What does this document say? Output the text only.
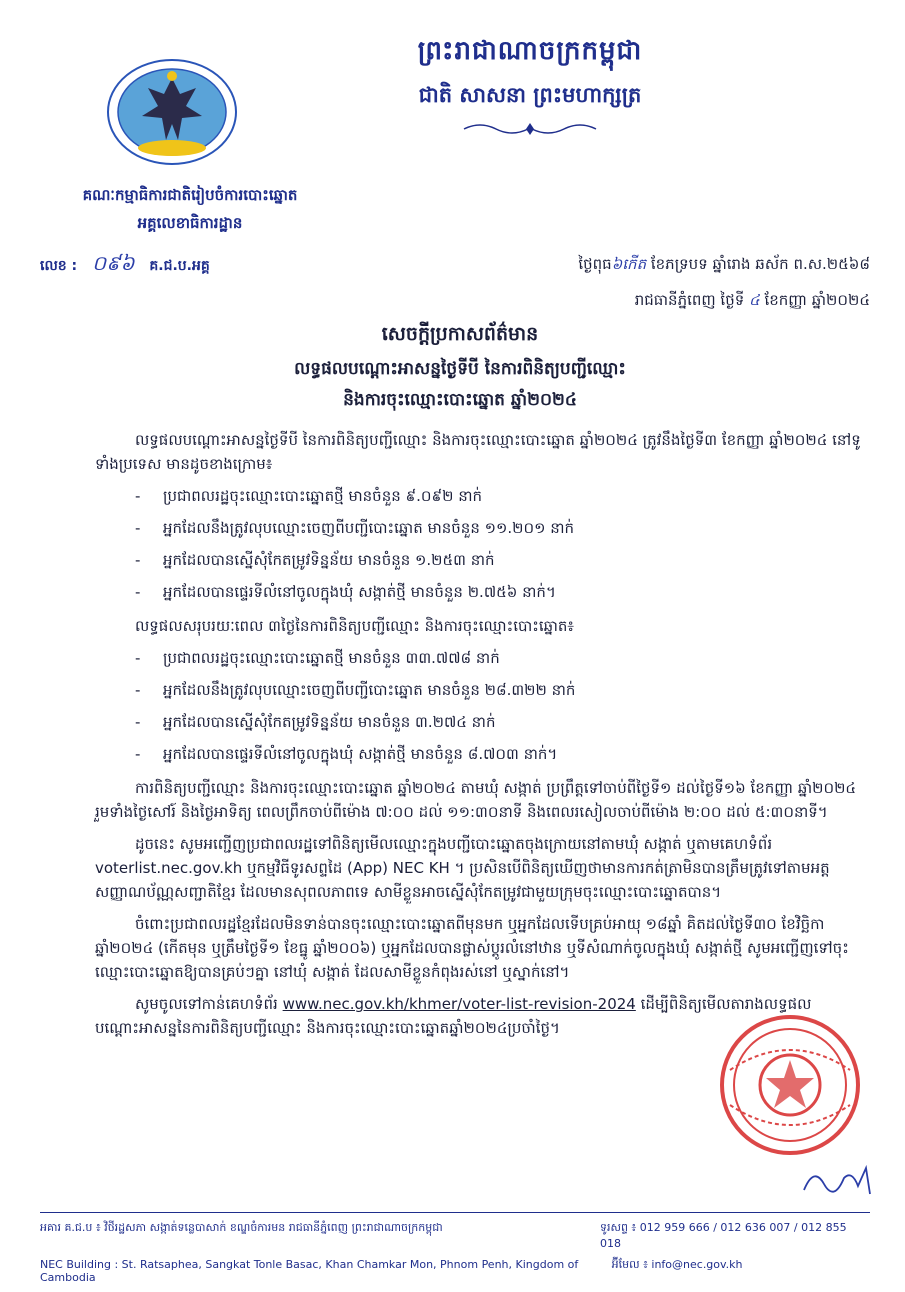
ព្រះរាជាណាចក្រកម្ពុជា
ជាតិ សាសនា ព្រះមហាក្សត្រ
គណៈកម្មាធិការជាតិរៀបចំការបោះឆ្នោត
អគ្គលេខាធិការដ្ឋាន
លេខ : ០៩៦ គ.ជ.ប.អគ្គ	ថ្ងៃពុធ៦កើត ខែភទ្របទ ឆ្នាំរោង ឆស័ក ព.ស.២៥៦៨
រាជធានីភ្នំពេញ ថ្ងៃទី ៤ ខែកញ្ញា ឆ្នាំ២០២៤
សេចក្ដីប្រកាសព័ត៌មាន
លទ្ធផលបណ្ដោះអាសន្នថ្ងៃទីបី នៃការពិនិត្យបញ្ជីឈ្មោះ
និងការចុះឈ្មោះបោះឆ្នោត ឆ្នាំ២០២៤

លទ្ធផលបណ្ដោះអាសន្នថ្ងៃទីបី នៃការពិនិត្យបញ្ជីឈ្មោះ និងការចុះឈ្មោះបោះឆ្នោត ឆ្នាំ២០២៤ ត្រូវនឹងថ្ងៃទី៣ ខែកញ្ញា ឆ្នាំ២០២៤ នៅទូទាំងប្រទេស មានដូចខាងក្រោម៖

- ប្រជាពលរដ្ឋចុះឈ្មោះបោះឆ្នោតថ្មី មានចំនួន ៩.០៩២ នាក់
- អ្នកដែលនឹងត្រូវលុបឈ្មោះចេញពីបញ្ជីបោះឆ្នោត មានចំនួន ១១.២០១ នាក់
- អ្នកដែលបានស្នើសុំកែតម្រូវទិន្នន័យ មានចំនួន ១.២៥៣ នាក់
- អ្នកដែលបានផ្ទេរទីលំនៅចូលក្នុងឃុំ សង្កាត់ថ្មី មានចំនួន ២.៧៥៦ នាក់។

លទ្ធផលសរុបរយៈពេល ៣ថ្ងៃនៃការពិនិត្យបញ្ជីឈ្មោះ និងការចុះឈ្មោះបោះឆ្នោត៖

- ប្រជាពលរដ្ឋចុះឈ្មោះបោះឆ្នោតថ្មី មានចំនួន ៣៣.៧៧៨ នាក់
- អ្នកដែលនឹងត្រូវលុបឈ្មោះចេញពីបញ្ជីបោះឆ្នោត មានចំនួន ២៨.៣២២ នាក់
- អ្នកដែលបានស្នើសុំកែតម្រូវទិន្នន័យ មានចំនួន ៣.២៧៤ នាក់
- អ្នកដែលបានផ្ទេរទីលំនៅចូលក្នុងឃុំ សង្កាត់ថ្មី មានចំនួន ៨.៧០៣ នាក់។

ការពិនិត្យបញ្ជីឈ្មោះ និងការចុះឈ្មោះបោះឆ្នោត ឆ្នាំ២០២៤ តាមឃុំ សង្កាត់ ប្រព្រឹត្តទៅចាប់ពីថ្ងៃទី១ ដល់ថ្ងៃទី១៦ ខែកញ្ញា ឆ្នាំ២០២៤ រួមទាំងថ្ងៃសៅរ៍ និងថ្ងៃអាទិត្យ ពេលព្រឹកចាប់ពីម៉ោង ៧:០០ ដល់ ១១:៣០នាទី និងពេលរសៀលចាប់ពីម៉ោង ២:០០ ដល់ ៥:៣០នាទី។

ដូចនេះ សូមអញ្ជើញប្រជាពលរដ្ឋទៅពិនិត្យមើលឈ្មោះក្នុងបញ្ជីបោះឆ្នោតចុងក្រោយនៅតាមឃុំ សង្កាត់ ឬតាមគេហទំព័រ voterlist.nec.gov.kh ឬកម្មវិធីទូរសព្ទដៃ (App) NEC KH ។ ប្រសិនបើពិនិត្យឃើញថាមានការកត់ត្រាមិនបានត្រឹមត្រូវទៅតាមអត្តសញ្ញាណប័ណ្ណសញ្ជាតិខ្មែរ ដែលមានសុពលភាពទេ សាមីខ្លួនអាចស្នើសុំកែតម្រូវជាមួយក្រុមចុះឈ្មោះបោះឆ្នោតបាន។

ចំពោះប្រជាពលរដ្ឋខ្មែរដែលមិនទាន់បានចុះឈ្មោះបោះឆ្នោតពីមុនមក ឬអ្នកដែលទើបគ្រប់អាយុ ១៨ឆ្នាំ គិតដល់ថ្ងៃទី៣០ ខែវិច្ឆិកា ឆ្នាំ២០២៤ (កើតមុន ឬត្រឹមថ្ងៃទី១ ខែធ្នូ ឆ្នាំ២០០៦) ឬអ្នកដែលបានផ្លាស់ប្ដូរលំនៅឋាន ឬទីសំណាក់ចូលក្នុងឃុំ សង្កាត់ថ្មី សូមអញ្ជើញទៅចុះឈ្មោះបោះឆ្នោតឱ្យបានគ្រប់ៗគ្នា នៅឃុំ សង្កាត់ ដែលសាមីខ្លួនកំពុងរស់នៅ ឬស្នាក់នៅ។

សូមចូលទៅកាន់គេហទំព័រ www.nec.gov.kh/khmer/voter-list-revision-2024 ដើម្បីពិនិត្យមើលតារាងលទ្ធផលបណ្ដោះអាសន្ននៃការពិនិត្យបញ្ជីឈ្មោះ និងការចុះឈ្មោះបោះឆ្នោតឆ្នាំ២០២៤ប្រចាំថ្ងៃ។

អគារ គ.ជ.ប ៖ វិថីរដ្ឋសភា សង្កាត់ទន្លេបាសាក់ ខណ្ឌចំការមន រាជធានីភ្នំពេញ ព្រះរាជាណាចក្រកម្ពុជា	ទូរសព្ទ ៖ 012 959 666 / 012 636 007 / 012 855 018
NEC Building : St. Ratsaphea, Sangkat Tonle Basac, Khan Chamkar Mon, Phnom Penh, Kingdom of Cambodia
អ៊ីមែល ៖ info@nec.gov.kh
